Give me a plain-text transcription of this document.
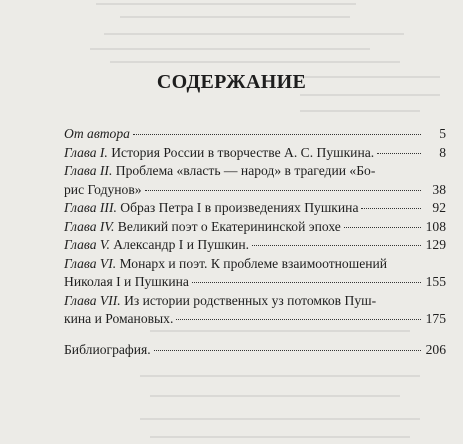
СОДЕРЖАНИЕ
От автора	5
Глава I. История России в творчестве А. С. Пушкина.	8
Глава II. Проблема «власть — народ» в трагедии «Бо-
рис Годунов»	38
Глава III. Образ Петра I в произведениях Пушкина	92
Глава IV. Великий поэт о Екатерининской эпохе	108
Глава V. Александр I и Пушкин.	129
Глава VI. Монарх и поэт. К проблеме взаимоотношений
Николая I и Пушкина	155
Глава VII. Из истории родственных уз потомков Пуш-
кина и Романовых.	175
Библиография.	206
